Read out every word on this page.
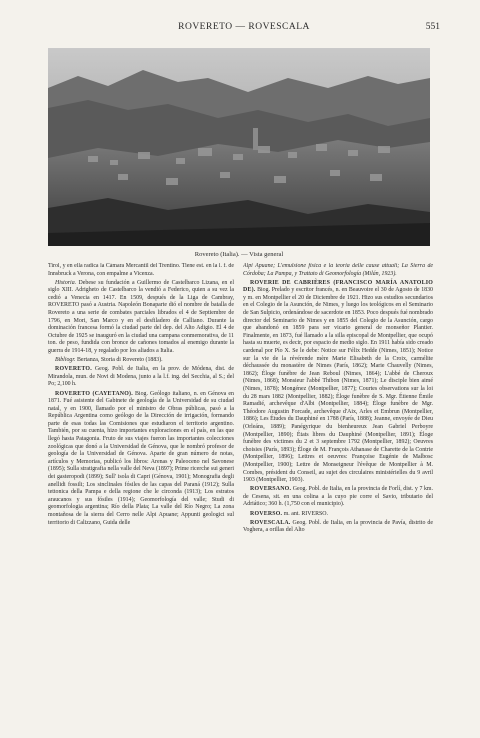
ROVERETO — ROVESCALA	551
Rovereto (Italia). — Vista general

Tirol, y en ella radica la Cámara Mercantil del Trentino. Tiene est. en la l. f. de Innsbruck a Verona, con empalme a Vicenza.

Historia. Debese su fundación a Guillermo de Castelbarco Lizana, en el siglo XIII. Adrigheto de Castelbarco la vendió a Federico, quien a su vez la cedió a Venecia en 1417. En 1509, después de la Liga de Cambray, ROVERETO pasó a Austria. Napoleón Bonaparte dió el nombre de batalla de Rovereto a una serie de combates parciales librados el 4 de Septiembre de 1796, en Mori, San Marco y en el desfiladero de Calliano. Durante la dominación francesa formó la ciudad parte del dep. del Alto Adigio. El 4 de Octubre de 1925 se inauguró en la ciudad una campana conmemorativa, de 11 ton. de peso, fundida con bronce de cañones tomados al enemigo durante la guerra de 1914-18, y regalado por los aliados a Italia.

Bibliogr. Bertanza, Storia di Rovereto (1883).

ROVERETO. Geog. Pobl. de Italia, en la prov. de Módena, dist. de Mirandola, mun. de Novi di Modena, junto a la l.f. ing. del Secchia, al S.; del Po; 2,100 h.

ROVERETO (CAYETANO). Biog. Geólogo italiano, n. en Génova en 1871. Fué asistente del Gabinete de geología de la Universidad de su ciudad natal, y en 1900, llamado por el ministro de Obras públicas, pasó a la República Argentina como geólogo de la Dirección de irrigación, formando parte de esas todas las Comisiones que estudiaron el territorio argentino. También, por su cuenta, hizo importantes exploraciones en el país, en las que llegó hasta Patagonia. Fruto de sus viajes fueron las importantes colecciones zoológicas que donó a la Universidad de Génova, que le nombró profesor de geología de la Universidad de Génova. Aparte de gran número de notas, artículos y Memorias, publicó los libros: Arenas y Paleoceno nel Savonese (1895); Sulla stratigrafia nella valle del Neva (1897); Prime ricerche sui generi dei gasteropodi (1899); Sull' isola di Capri (Génova, 1901); Monografia degli anellidi fossili; Los sinclinales fósiles de las capas del Paraná (1912); Sulla tettonica della Pampa e della regione che le circonda (1913); Los estratos araucanos y sus fósiles (1914); Geomorfología del valle; Studi di geomorfologia argentina; Río della Plata; La valle del Río Negro; La zona montañosa de la sierra del Cerro nelle Alpi Apuane; Appunti geologici sul territorio di Calizzano, Guida delle

Alpi Apuane; L'emulsione fisica e la teoria delle cause attuali; La Sierra de Córdoba; La Pampa, y Trattato di Geomorfología (Milán, 1923).

ROVERIE DE CABRIÈRES (FRANCISCO MARÍA ANATOLIO DE). Biog. Prelado y escritor francés, n. en Beauvoire el 30 de Agosto de 1830 y m. en Montpellier el 20 de Diciembre de 1921. Hizo sus estudios secundarios en el Colegio de la Asunción, de Nimes, y luego los teológicos en el Seminario de San Sulpicio, ordenándose de sacerdote en 1853. Poco después fué nombrado director del Seminario de Nimes y en 1855 del Colegio de la Asunción, cargo que abandonó en 1859 para ser vicario general de monseñor Plantier. Finalmente, en 1873, fué llamado a la silla episcopal de Montpellier, que ocupó hasta su muerte, es decir, por espacio de medio siglo. En 1911 había sido creado cardenal por Pío X. Se le debe: Notice sur Félix Hedde (Nimes, 1851); Notice sur la vie de la révérende mère Marie Elisabeth de la Croix, carmélite déchaussée du monastère de Nimes (París, 1862); Marie Chauvelly (Nimes, 1862); Éloge funèbre de Jean Reboul (Nimes, 1864); L'abbé de Cheroux (Nimes, 1868); Monsieur l'abbé Thibon (Nimes, 1871); Le disciple bien aimé (Nimes, 1878); Mongénez (Montpellier, 1877); Courtes observations sur la loi du 28 mars 1882 (Montpellier, 1882); Éloge funèbre de S. Mgr. Étienne Émile Ramadié, archevêque d'Albi (Montpellier, 1884); Éloge funèbre de Mgr. Théodore Augustin Forcade, archevêque d'Aix, Arles et Embrun (Montpellier, 1886); Les Études du Dauphiné en 1788 (París, 1888); Jeanne, envoyée de Dieu (Orleáns, 1889); Panégyrique du bienheureux Jean Gabriel Perboyre (Montpellier, 1890); États libres du Dauphiné (Montpellier, 1891); Éloge funèbre des victimes du 2 et 3 septembre 1792 (Montpellier, 1892); Oeuvres choisies (París, 1893); Éloge de M. François Athanase de Charette de la Contrie (Montpellier, 1896); Lettres et oeuvres: Françoise Eugénie de Malbosc (Montpellier, 1900); Lettre de Monseigneur l'évêque de Montpellier à M. Combes, président du Conseil, au sujet des circulaires ministérielles du 9 avril 1903 (Montpellier, 1903).

ROVERSANO. Geog. Pobl. de Italia, en la provincia de Forlí, dist. y 7 km. de Cesena, sit. en una colina a la cuyo pie corre el Savio, tributario del Adriático; 360 h. (1,750 con el municipio).

ROVERSO. m. ant. RIVERSO.

ROVESCALA. Geog. Pobl. de Italia, en la provincia de Pavía, distrito de Voghera, a orillas del Alto
